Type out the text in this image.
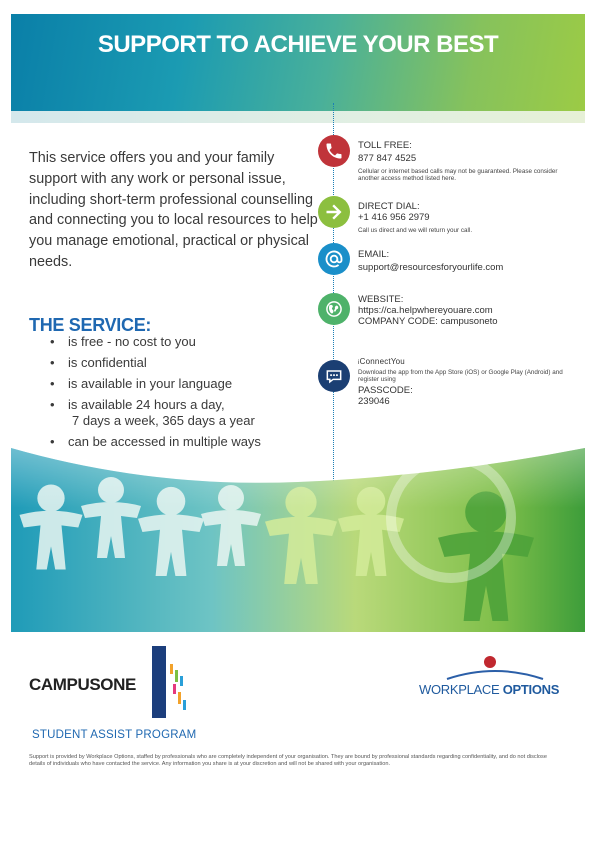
SUPPORT TO ACHIEVE YOUR BEST

This service offers you and your family support with any work or personal issue, including short-term professional counselling and connecting you to local resources to help you manage emotional, practical or physical needs.

THE SERVICE:
• is free - no cost to you
• is confidential
• is available in your language
• is available 24 hours a day,
7 days a week, 365 days a year
• can be accessed in multiple ways
TOLL FREE:
877 847 4525
Cellular or internet based calls may not be guaranteed. Please consider another access method listed here.
DIRECT DIAL:
+1 416 956 2979
Call us direct and we will return your call.
EMAIL:
support@resourcesforyourlife.com
WEBSITE:
https://ca.helpwhereyouare.com
COMPANY CODE: campusoneto
iConnectYou
Download the app from the App Store (iOS) or Google Play (Android) and register using
PASSCODE:
239046
CAMPUSONE	WORKPLACE OPTIONS
STUDENT ASSIST PROGRAM

Support is provided by Workplace Options, staffed by professionals who are completely independent of your organisation. They are bound by professional standards regarding confidentiality, and do not disclose details of individuals who have contacted the service. Any information you share is at your discretion and will not be shared with your organisation.
